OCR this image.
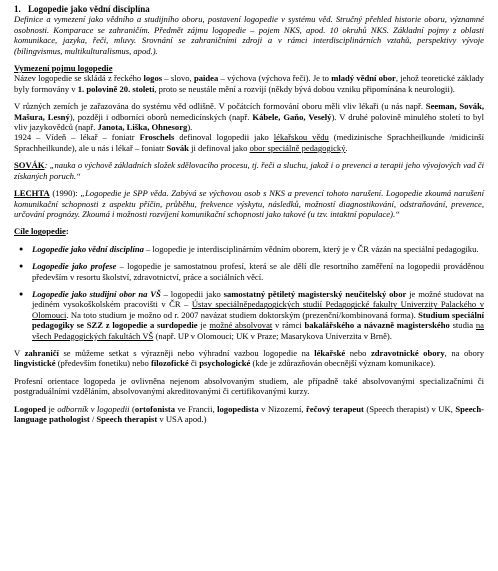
1. Logopedie jako vědní disciplína

Definice a vymezení jako vědního a studijního oboru, postavení logopedie v systému věd. Stručný přehled historie oboru, významné osobnosti. Komparace se zahraničím. Předmět zájmu logopedie – pojem NKS, apod. 10 okruhů NKS. Základní pojmy z oblasti komunikace, jazyka, řeči, mluvy. Srovnání se zahraničními zdroji a v rámci interdisciplinárních vztahů, perspektivy vývoje (bilingvismus, multikulturalismus, apod.).

Vymezení pojmu logopedie

Název logopedie se skládá z řeckého logos – slovo, paidea – výchova (výchova řeči). Je to mladý vědní obor, jehož teoretické základy byly formovány v 1. polovině 20. století, proto se neustále mění a rozvíjí (někdy bývá dobou vzniku připomínána k neurologii).

V různých zemích je zařazována do systému věd odlišně. V počátcích formování oboru měli vliv lékaři (u nás např. Seeman, Sovák, Mašura, Lesný), později i odborníci oborů nemedicínských (např. Kábele, Gaňo, Veselý). V druhé polovině minulého století to byl vliv jazykovědců (např. Janota, Liška, Ohnesorg).

1924 – Vídeň – lékař – foniatr Froschels definoval logopedii jako lékařskou vědu (medizinische Sprachheilkunde /midicinší Sprachheilkunde), ale u nás i lékař – foniatr Sovák ji definoval jako obor speciálně pedagogický.

SOVÁK: „nauka o výchově základních složek sdělovacího procesu, tj. řeči a sluchu, jakož i o prevenci a terapii jeho vývojových vad či získaných poruch.“

LECHTA (1990): „Logopedie je SPP věda. Zabývá se výchovou osob s NKS a prevencí tohoto narušení. Logopedie zkoumá narušení komunikační schopnosti z aspektu příčin, průběhu, frekvence výskytu, následků, možností diagnostikování, odstraňování, prevence, určování prognózy. Zkoumá i možnosti rozvíjení komunikační schopnosti jako takové (u tzv. intaktní populace).“

Cíle logopedie:

● Logopedie jako vědní disciplína – logopedie je interdisciplinárním vědním oborem, který je v ČR vázán na speciální pedagogiku.
● Logopedie jako profese – logopedie je samostatnou profesí, která se ale dělí dle resortního zaměření na logopedii prováděnou především v resortu školství, zdravotnictví, práce a sociálních věcí.
● Logopedie jako studijní obor na VŠ – logopedii jako samostatný pětiletý magisterský neučitelský obor je možné studovat na jediném vysokoškolském pracovišti v ČR – Ústav speciálněpedagogických studií Pedagogické fakulty Univerzity Palackého v Olomouci. Na toto studium je možno od r. 2007 navázat studiem doktorským (prezenční/kombinovaná forma). Studium speciální pedagogiky se SZZ z logopedie a surdopedie je možné absolvovat v rámci bakalářského a návazně magisterského studia na všech Pedagogických fakultách VŠ (např. UP v Olomouci; UK v Praze; Masarykova Univerzita v Brně).

V zahraničí se můžeme setkat s výrazněji nebo výhradní vazbou logopedie na lékařské nebo zdravotnické obory, na obory lingvistické (především fonetiku) nebo filozofické či psychologické (kde je zdůrazňován obecnější význam komunikace).

Profesní orientace logopeda je ovlivněna nejenom absolvovaným studiem, ale případně také absolvovanými specializačními či postgraduálními vzděláním, absolvovanými akreditovanými či certifikovanými kurzy.

Logoped je odborník v logopedii (ortofonista ve Francii, logopedista v Nizozemí, řečový terapeut (Speech therapist) v UK, Speech-language pathologist / Speech therapist v USA apod.)
